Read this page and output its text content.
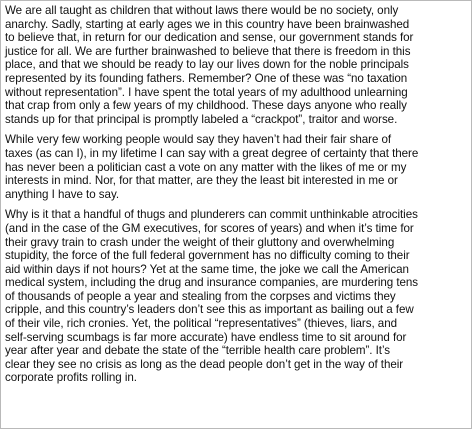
We are all taught as children that without laws there would be no society, only
anarchy. Sadly, starting at early ages we in this country have been brainwashed
to believe that, in return for our dedication and sense, our government stands for
justice for all. We are further brainwashed to believe that there is freedom in this
place, and that we should be ready to lay our lives down for the noble principals
represented by its founding fathers. Remember? One of these was “no taxation
without representation”. I have spent the total years of my adulthood unlearning
that crap from only a few years of my childhood. These days anyone who really
stands up for that principal is promptly labeled a “crackpot”, traitor and worse.

While very few working people would say they haven’t had their fair share of
taxes (as can I), in my lifetime I can say with a great degree of certainty that there
has never been a politician cast a vote on any matter with the likes of me or my
interests in mind. Nor, for that matter, are they the least bit interested in me or
anything I have to say.

Why is it that a handful of thugs and plunderers can commit unthinkable atrocities
(and in the case of the GM executives, for scores of years) and when it’s time for
their gravy train to crash under the weight of their gluttony and overwhelming
stupidity, the force of the full federal government has no difficulty coming to their
aid within days if not hours? Yet at the same time, the joke we call the American
medical system, including the drug and insurance companies, are murdering tens
of thousands of people a year and stealing from the corpses and victims they
cripple, and this country’s leaders don’t see this as important as bailing out a few
of their vile, rich cronies. Yet, the political “representatives” (thieves, liars, and
self-serving scumbags is far more accurate) have endless time to sit around for
year after year and debate the state of the “terrible health care problem”. It’s
clear they see no crisis as long as the dead people don’t get in the way of their
corporate profits rolling in.
